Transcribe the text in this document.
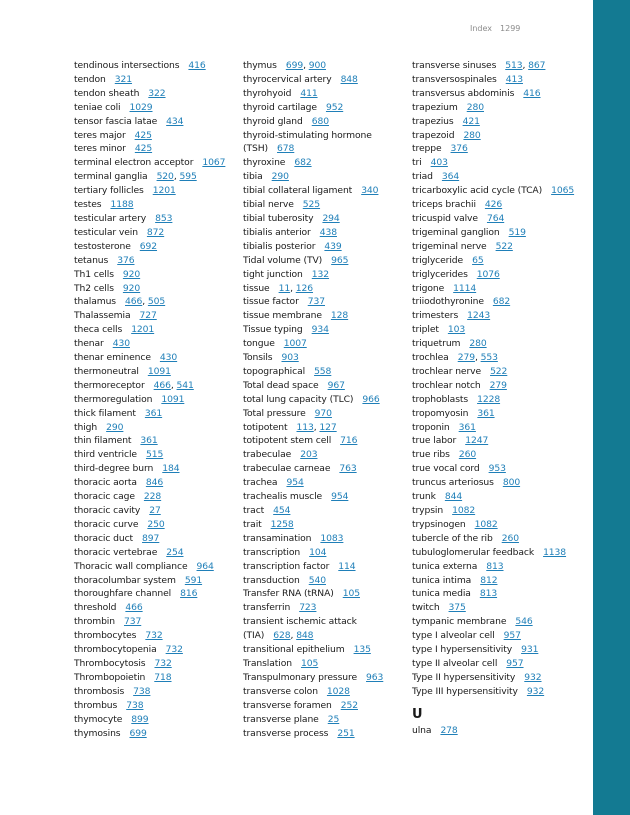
Index 1299
tendinous intersections 416
tendon 321
tendon sheath 322
teniae coli 1029
tensor fascia latae 434
teres major 425
teres minor 425
terminal electron acceptor 1067
terminal ganglia 520, 595
tertiary follicles 1201
testes 1188
testicular artery 853
testicular vein 872
testosterone 692
tetanus 376
Th1 cells 920
Th2 cells 920
thalamus 466, 505
Thalassemia 727
theca cells 1201
thenar 430
thenar eminence 430
thermoneutral 1091
thermoreceptor 466, 541
thermoregulation 1091
thick filament 361
thigh 290
thin filament 361
third ventricle 515
third-degree burn 184
thoracic aorta 846
thoracic cage 228
thoracic cavity 27
thoracic curve 250
thoracic duct 897
thoracic vertebrae 254
Thoracic wall compliance 964
thoracolumbar system 591
thoroughfare channel 816
threshold 466
thrombin 737
thrombocytes 732
thrombocytopenia 732
Thrombocytosis 732
Thrombopoietin 718
thrombosis 738
thrombus 738
thymocyte 899
thymosins 699
thymus 699, 900
thyrocervical artery 848
thyrohyoid 411
thyroid cartilage 952
thyroid gland 680
thyroid-stimulating hormone (TSH) 678
thyroxine 682
tibia 290
tibial collateral ligament 340
tibial nerve 525
tibial tuberosity 294
tibialis anterior 438
tibialis posterior 439
Tidal volume (TV) 965
tight junction 132
tissue 11, 126
tissue factor 737
tissue membrane 128
Tissue typing 934
tongue 1007
Tonsils 903
topographical 558
Total dead space 967
total lung capacity (TLC) 966
Total pressure 970
totipotent 113, 127
totipotent stem cell 716
trabeculae 203
trabeculae carneae 763
trachea 954
trachealis muscle 954
tract 454
trait 1258
transamination 1083
transcription 104
transcription factor 114
transduction 540
Transfer RNA (tRNA) 105
transferrin 723
transient ischemic attack (TIA) 628, 848
transitional epithelium 135
Translation 105
Transpulmonary pressure 963
transverse colon 1028
transverse foramen 252
transverse plane 25
transverse process 251
transverse sinuses 513, 867
transversospinales 413
transversus abdominis 416
trapezium 280
trapezius 421
trapezoid 280
treppe 376
tri 403
triad 364
tricarboxylic acid cycle (TCA) 1065
triceps brachii 426
tricuspid valve 764
trigeminal ganglion 519
trigeminal nerve 522
triglyceride 65
triglycerides 1076
trigone 1114
triiodothyronine 682
trimesters 1243
triplet 103
triquetrum 280
trochlea 279, 553
trochlear nerve 522
trochlear notch 279
trophoblasts 1228
tropomyosin 361
troponin 361
true labor 1247
true ribs 260
true vocal cord 953
truncus arteriosus 800
trunk 844
trypsin 1082
trypsinogen 1082
tubercle of the rib 260
tubuloglomerular feedback 1138
tunica externa 813
tunica intima 812
tunica media 813
twitch 375
tympanic membrane 546
type I alveolar cell 957
type I hypersensitivity 931
type II alveolar cell 957
Type II hypersensitivity 932
Type III hypersensitivity 932
U
ulna 278
